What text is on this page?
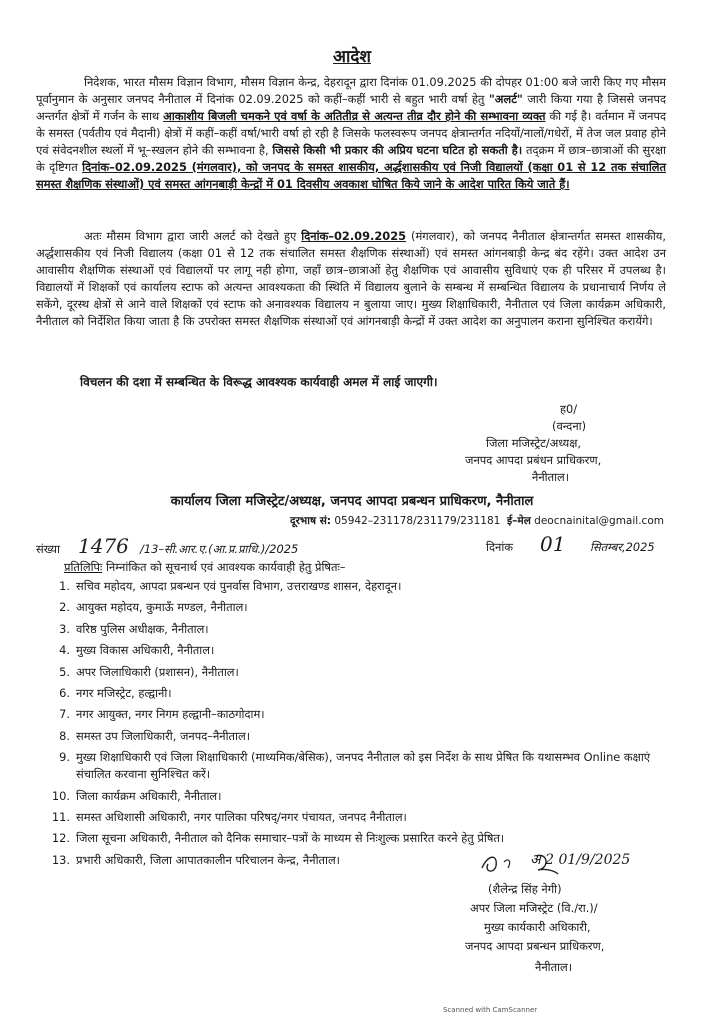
आदेश
निदेशक, भारत मौसम विज्ञान विभाग, मौसम विज्ञान केन्द्र, देहरादून द्वारा दिनांक 01.09.2025 की दोपहर 01:00 बजे जारी किए गए मौसम पूर्वानुमान के अनुसार जनपद नैनीताल में दिनांक 02.09.2025 को कहीं–कहीं भारी से बहुत भारी वर्षा हेतु "अलर्ट" जारी किया गया है जिससे जनपद अन्तर्गत क्षेत्रों में गर्जन के साथ आकाशीय बिजली चमकने एवं वर्षा के अतितीव्र से अत्यन्त तीव्र दौर होने की सम्भावना व्यक्त की गई है। वर्तमान में जनपद के समस्त (पर्वतीय एवं मैदानी) क्षेत्रों में कहीं–कहीं वर्षा/भारी वर्षा हो रही है जिसके फलस्वरूप जनपद क्षेत्रान्तर्गत नदियों/नालों/गधेरों, में तेज जल प्रवाह होने एवं संवेदनशील स्थलों में भू–स्खलन होने की सम्भावना है, जिससे किसी भी प्रकार की अप्रिय घटना घटित हो सकती है। तद्क्रम में छात्र–छात्राओं की सुरक्षा के दृष्टिगत दिनांक–02.09.2025 (मंगलवार), को जनपद के समस्त शासकीय, अर्द्धशासकीय एवं निजी विद्यालयों (कक्षा 01 से 12 तक संचालित समस्त शैक्षणिक संस्थाओं) एवं समस्त आंगनबाड़ी केन्द्रों में 01 दिवसीय अवकाश घोषित किये जाने के आदेश पारित किये जाते हैं।
अतः मौसम विभाग द्वारा जारी अलर्ट को देखते हुए दिनांक–02.09.2025 (मंगलवार), को जनपद नैनीताल क्षेत्रान्तर्गत समस्त शासकीय, अर्द्धशासकीय एवं निजी विद्यालय (कक्षा 01 से 12 तक संचालित समस्त शैक्षणिक संस्थाओं) एवं समस्त आंगनबाड़ी केन्द्र बंद रहेंगे। उक्त आदेश उन आवासीय शैक्षणिक संस्थाओं एवं विद्यालयों पर लागू नही होगा, जहाँ छात्र–छात्राओं हेतु शैक्षणिक एवं आवासीय सुविधाएं एक ही परिसर में उपलब्ध है। विद्यालयों में शिक्षकों एवं कार्यालय स्टाफ को अत्यन्त आवश्यकता की स्थिति में विद्यालय बुलाने के सम्बन्ध में सम्बन्धित विद्यालय के प्रधानाचार्य निर्णय ले सकेंगे, दूरस्थ क्षेत्रों से आने वाले शिक्षकों एवं स्टाफ को अनावश्यक विद्यालय न बुलाया जाए। मुख्य शिक्षाधिकारी, नैनीताल एवं जिला कार्यक्रम अधिकारी, नैनीताल को निर्देशित किया जाता है कि उपरोक्त समस्त शैक्षणिक संस्थाओं एवं आंगनबाड़ी केन्द्रों में उक्त आदेश का अनुपालन कराना सुनिश्चित करायेंगे।
विचलन की दशा में सम्बन्धित के विरूद्ध आवश्यक कार्यवाही अमल में लाई जाएगी।
ह0/
(वन्दना)
जिला मजिस्ट्रेट/अध्यक्ष,
जनपद आपदा प्रबंधन प्राधिकरण,
नैनीताल।
कार्यालय जिला मजिस्ट्रेट/अध्यक्ष, जनपद आपदा प्रबन्धन प्राधिकरण, नैनीताल
दूरभाष सं: 05942–231178/231179/231181 ई–मेल deocnainital@gmail.com
संख्या 1476 /13–सी.आर.ए.(आ.प्र.प्राधि.)/2025	दिनांक 01 सितम्बर,2025
प्रतिलिपिः निम्नांकित को सूचनार्थ एवं आवश्यक कार्यवाही हेतु प्रेषितः–
1. सचिव महोदय, आपदा प्रबन्धन एवं पुनर्वास विभाग, उत्तराखण्ड शासन, देहरादून।
2. आयुक्त महोदय, कुमाऊँ मण्डल, नैनीताल।
3. वरिष्ठ पुलिस अधीक्षक, नैनीताल।
4. मुख्य विकास अधिकारी, नैनीताल।
5. अपर जिलाधिकारी (प्रशासन), नैनीताल।
6. नगर मजिस्ट्रेट, हल्द्वानी।
7. नगर आयुक्त, नगर निगम हल्द्वानी–काठगोदाम।
8. समस्त उप जिलाधिकारी, जनपद–नैनीताल।
9. मुख्य शिक्षाधिकारी एवं जिला शिक्षाधिकारी (माध्यमिक/बेसिक), जनपद नैनीताल को इस निर्देश के साथ प्रेषित कि यथासम्भव Online कक्षाएं संचालित करवाना सुनिश्चित करें।
10. जिला कार्यक्रम अधिकारी, नैनीताल।
11. समस्त अधिशासी अधिकारी, नगर पालिका परिषद्/नगर पंचायत, जनपद नैनीताल।
12. जिला सूचना अधिकारी, नैनीताल को दैनिक समाचार–पत्रों के माध्यम से निःशुल्क प्रसारित करने हेतु प्रेषित।
13. प्रभारी अधिकारी, जिला आपातकालीन परिचालन केन्द्र, नैनीताल।	अ 2 01/9/2025
(शैलेन्द्र सिंह नेगी)
अपर जिला मजिस्ट्रेट (वि./रा.)/
मुख्य कार्यकारी अधिकारी,
जनपद आपदा प्रबन्धन प्राधिकरण,
नैनीताल।
Scanned with CamScanner
